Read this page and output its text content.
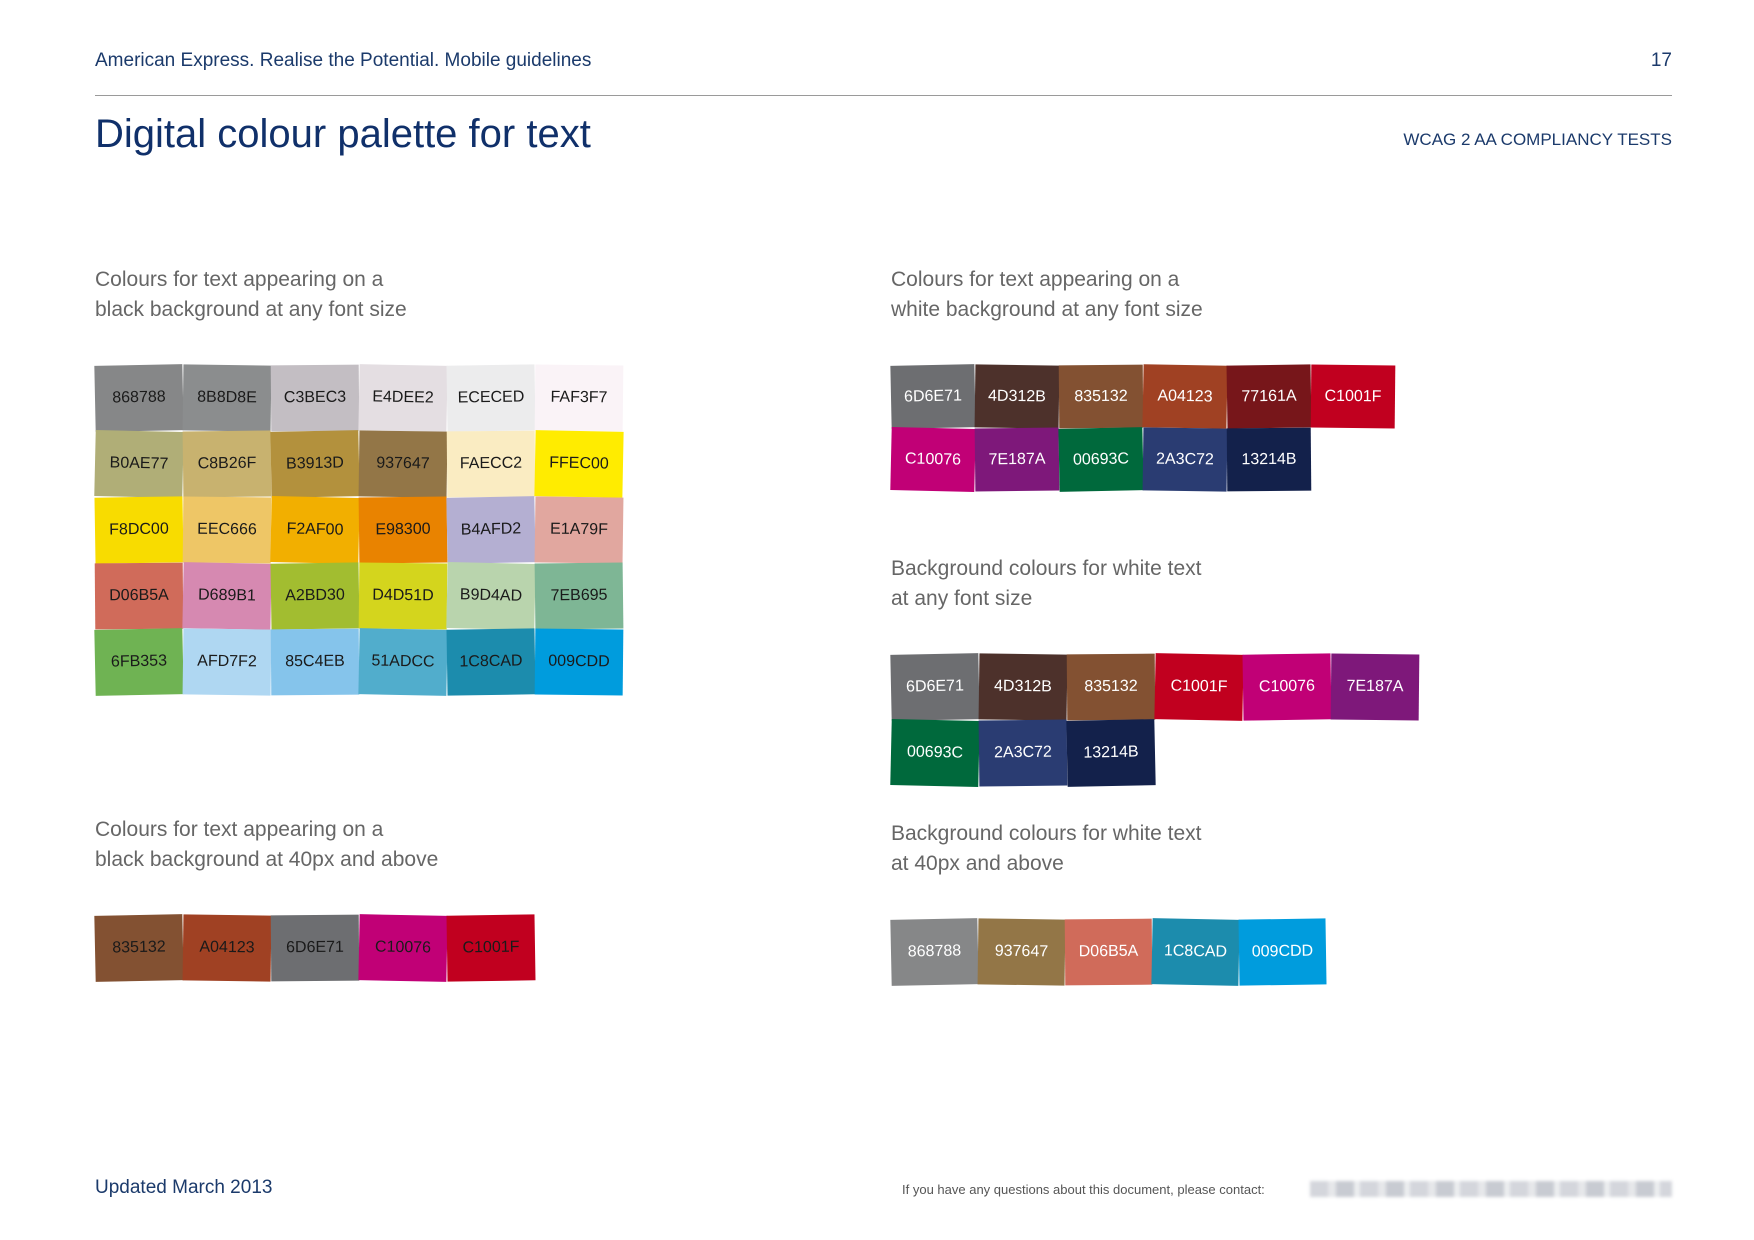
American Express. Realise the Potential. Mobile guidelines	17
Digital colour palette for text	WCAG 2 AA COMPLIANCY TESTS
Colours for text appearing on a
black background at any font size
868788	8B8D8E	C3BEC3	E4DEE2	ECECED	FAF3F7
B0AE77	C8B26F	B3913D	937647	FAECC2	FFEC00
F8DC00	EEC666	F2AF00	E98300	B4AFD2	E1A79F
D06B5A	D689B1	A2BD30	D4D51D	B9D4AD	7EB695
6FB353	AFD7F2	85C4EB	51ADCC	1C8CAD	009CDD
Colours for text appearing on a
black background at 40px and above
835132	A04123	6D6E71	C10076	C1001F
Colours for text appearing on a
white background at any font size
6D6E71	4D312B	835132	A04123	77161A	C1001F
C10076	7E187A	00693C	2A3C72	13214B
Background colours for white text
at any font size
6D6E71	4D312B	835132	C1001F	C10076	7E187A
00693C	2A3C72	13214B
Background colours for white text
at 40px and above
868788	937647	D06B5A	1C8CAD	009CDD
Updated March 2013	If you have any questions about this document, please contact:
